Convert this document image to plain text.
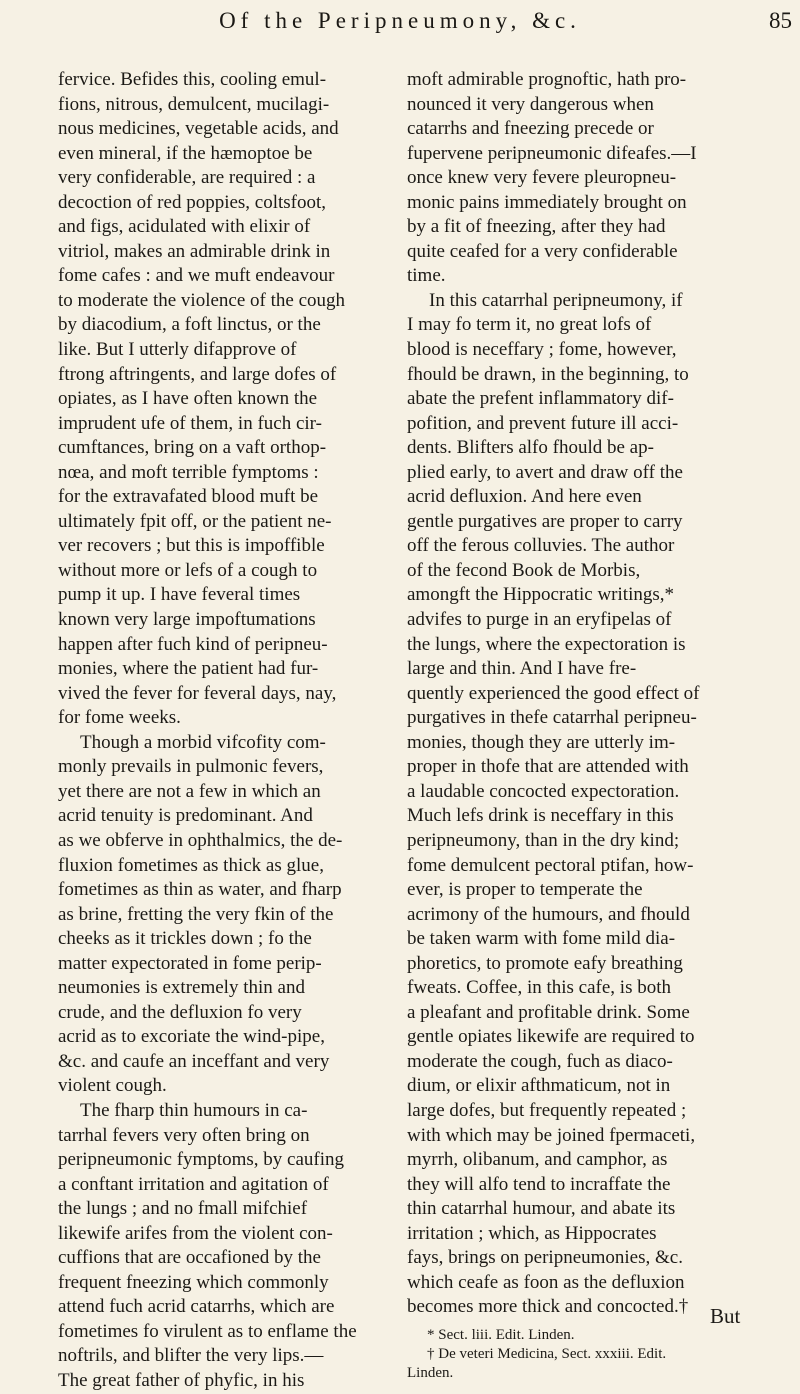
Of the Peripneumony, &c.	85
fervice. Befides this, cooling emul-
fions, nitrous, demulcent, mucilagi-
nous medicines, vegetable acids, and
even mineral, if the hæmoptoe be
very confiderable, are required : a
decoction of red poppies, coltsfoot,
and figs, acidulated with elixir of
vitriol, makes an admirable drink in
fome cafes : and we muft endeavour
to moderate the violence of the cough
by diacodium, a foft linctus, or the
like. But I utterly difapprove of
ftrong aftringents, and large dofes of
opiates, as I have often known the
imprudent ufe of them, in fuch cir-
cumftances, bring on a vaft orthop-
nœa, and moft terrible fymptoms :
for the extravafated blood muft be
ultimately fpit off, or the patient ne-
ver recovers ; but this is impoffible
without more or lefs of a cough to
pump it up. I have feveral times
known very large impoftumations
happen after fuch kind of peripneu-
monies, where the patient had fur-
vived the fever for feveral days, nay,
for fome weeks.
Though a morbid vifcofity com-
monly prevails in pulmonic fevers,
yet there are not a few in which an
acrid tenuity is predominant. And
as we obferve in ophthalmics, the de-
fluxion fometimes as thick as glue,
fometimes as thin as water, and fharp
as brine, fretting the very fkin of the
cheeks as it trickles down ; fo the
matter expectorated in fome perip-
neumonies is extremely thin and
crude, and the defluxion fo very
acrid as to excoriate the wind-pipe,
&c. and caufe an inceffant and very
violent cough.
The fharp thin humours in ca-
tarrhal fevers very often bring on
peripneumonic fymptoms, by caufing
a conftant irritation and agitation of
the lungs ; and no fmall mifchief
likewife arifes from the violent con-
cuffions that are occafioned by the
frequent fneezing which commonly
attend fuch acrid catarrhs, which are
fometimes fo virulent as to enflame the
noftrils, and blifter the very lips.—
The great father of phyfic, in his
moft admirable prognoftic, hath pro-
nounced it very dangerous when
catarrhs and fneezing precede or
fupervene peripneumonic difeafes.—I
once knew very fevere pleuropneu-
monic pains immediately brought on
by a fit of fneezing, after they had
quite ceafed for a very confiderable
time.
In this catarrhal peripneumony, if
I may fo term it, no great lofs of
blood is neceffary ; fome, however,
fhould be drawn, in the beginning, to
abate the prefent inflammatory dif-
pofition, and prevent future ill acci-
dents. Blifters alfo fhould be ap-
plied early, to avert and draw off the
acrid defluxion. And here even
gentle purgatives are proper to carry
off the ferous colluvies. The author
of the fecond Book de Morbis,
amongft the Hippocratic writings,*
advifes to purge in an eryfipelas of
the lungs, where the expectoration is
large and thin. And I have fre-
quently experienced the good effect of
purgatives in thefe catarrhal peripneu-
monies, though they are utterly im-
proper in thofe that are attended with
a laudable concocted expectoration.
Much lefs drink is neceffary in this
peripneumony, than in the dry kind;
fome demulcent pectoral ptifan, how-
ever, is proper to temperate the
acrimony of the humours, and fhould
be taken warm with fome mild dia-
phoretics, to promote eafy breathing
fweats. Coffee, in this cafe, is both
a pleafant and profitable drink. Some
gentle opiates likewife are required to
moderate the cough, fuch as diaco-
dium, or elixir afthmaticum, not in
large dofes, but frequently repeated ;
with which may be joined fpermaceti,
myrrh, olibanum, and camphor, as
they will alfo tend to incraffate the
thin catarrhal humour, and abate its
irritation ; which, as Hippocrates
fays, brings on peripneumonies, &c.
which ceafe as foon as the defluxion
becomes more thick and concocted.†
* Sect. liii. Edit. Linden.
† De veteri Medicina, Sect. xxxiii. Edit.
Linden.
But
